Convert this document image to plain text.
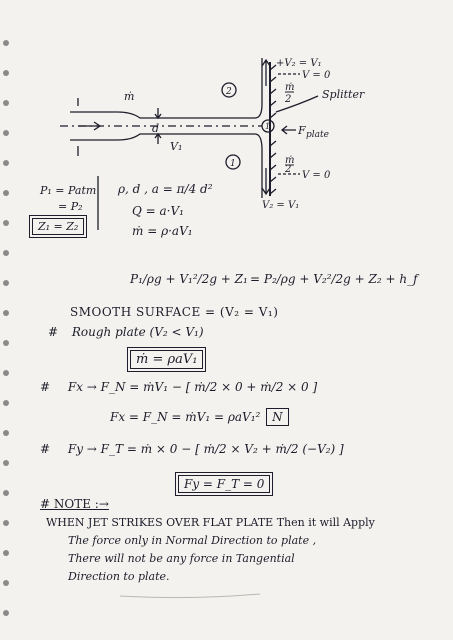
ṁ
d
V₁
2
1
1
+V₂ = V₁
V = 0
ṁ
2	Splitter
F plate
ṁ
2
V = 0
V₂ = V₁
P₁ = Patm
= P₂
Z₁ = Z₂
ρ, d , a = π/4 d²
Q = a·V₁
ṁ = ρ·aV₁
P₁/ρg + V₁²/2g + Z₁ = P₂/ρg + V₂²/2g + Z₂ + h_f
SMOOTH SURFACE = (V₂ = V₁)
# Rough plate (V₂ < V₁)
ṁ = ρaV₁
# Fx → F_N = ṁV₁ − [ ṁ/2 × 0 + ṁ/2 × 0 ]
Fx = F_N = ṁV₁ = ρaV₁² N
# Fy → F_T = ṁ × 0 − [ ṁ/2 × V₂ + ṁ/2 (−V₂) ]
Fy = F_T = 0
# NOTE :→
WHEN JET STRIKES OVER FLAT PLATE Then it will Apply
The force only in Normal Direction to plate ,
There will not be any force in Tangential
Direction to plate.
